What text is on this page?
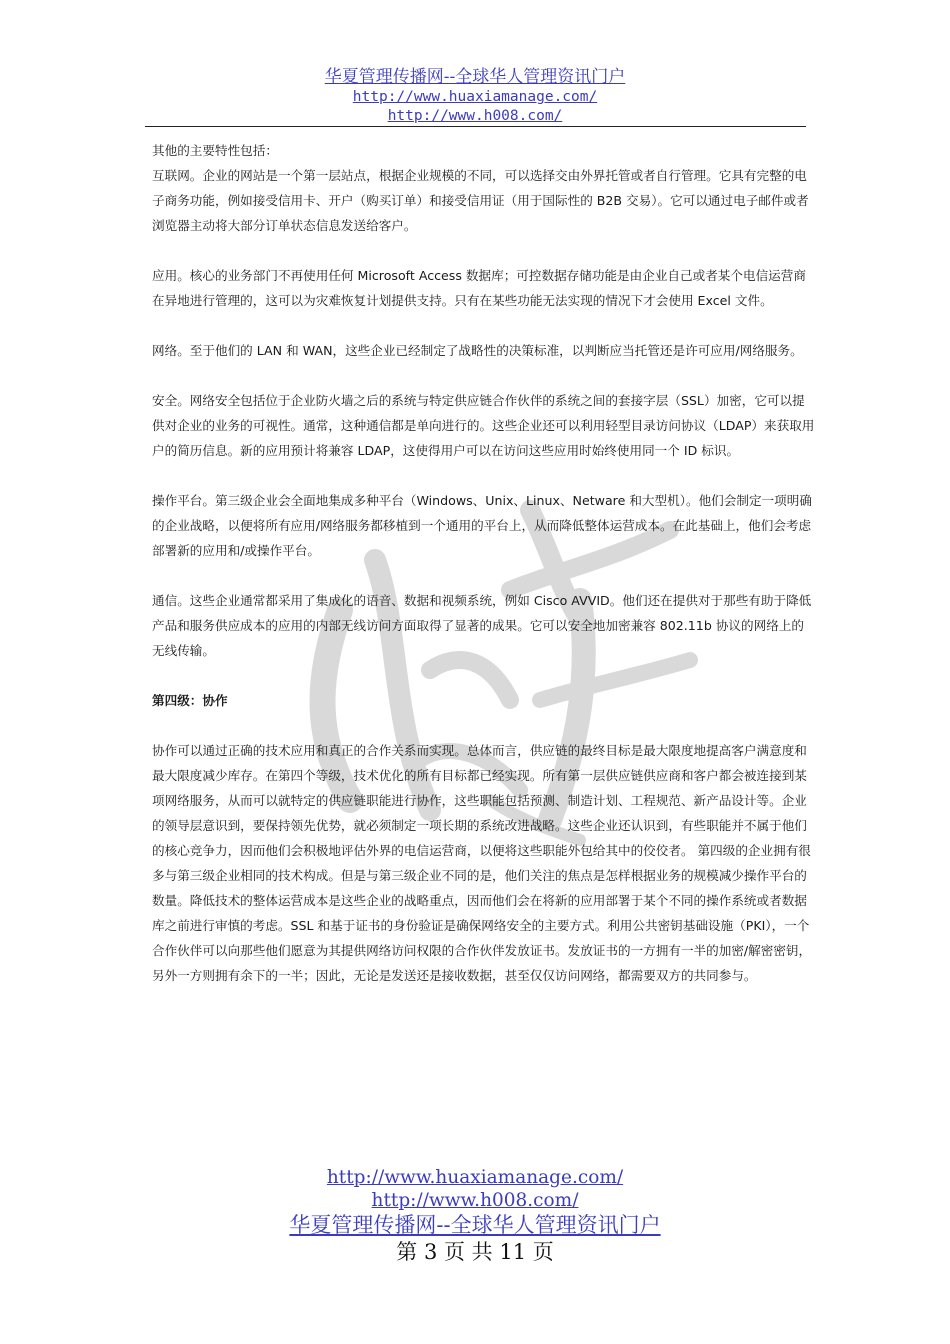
华夏管理传播网--全球华人管理资讯门户
http://www.huaxiamanage.com/
http://www.h008.com/

其他的主要特性包括：

互联网。企业的网站是一个第一层站点，根据企业规模的不同，可以选择交由外界托管或者自行管理。它具有完整的电子商务功能，例如接受信用卡、开户（购买订单）和接受信用证（用于国际性的 B2B 交易）。它可以通过电子邮件或者浏览器主动将大部分订单状态信息发送给客户。

应用。核心的业务部门不再使用任何 Microsoft Access 数据库；可控数据存储功能是由企业自己或者某个电信运营商在异地进行管理的，这可以为灾难恢复计划提供支持。只有在某些功能无法实现的情况下才会使用 Excel 文件。

网络。至于他们的 LAN 和 WAN，这些企业已经制定了战略性的决策标准，以判断应当托管还是许可应用/网络服务。

安全。网络安全包括位于企业防火墙之后的系统与特定供应链合作伙伴的系统之间的套接字层（SSL）加密，它可以提供对企业的业务的可视性。通常，这种通信都是单向进行的。这些企业还可以利用轻型目录访问协议（LDAP）来获取用户的简历信息。新的应用预计将兼容 LDAP，这使得用户可以在访问这些应用时始终使用同一个 ID 标识。

操作平台。第三级企业会全面地集成多种平台（Windows、Unix、Linux、Netware 和大型机）。他们会制定一项明确的企业战略，以便将所有应用/网络服务都移植到一个通用的平台上，从而降低整体运营成本。在此基础上，他们会考虑部署新的应用和/或操作平台。

通信。这些企业通常都采用了集成化的语音、数据和视频系统，例如 Cisco AVVID。他们还在提供对于那些有助于降低产品和服务供应成本的应用的内部无线访问方面取得了显著的成果。它可以安全地加密兼容 802.11b 协议的网络上的无线传输。

第四级：协作

协作可以通过正确的技术应用和真正的合作关系而实现。总体而言，供应链的最终目标是最大限度地提高客户满意度和最大限度减少库存。在第四个等级，技术优化的所有目标都已经实现。所有第一层供应链供应商和客户都会被连接到某项网络服务，从而可以就特定的供应链职能进行协作，这些职能包括预测、制造计划、工程规范、新产品设计等。企业的领导层意识到，要保持领先优势，就必须制定一项长期的系统改进战略。这些企业还认识到，有些职能并不属于他们的核心竞争力，因而他们会积极地评估外界的电信运营商，以便将这些职能外包给其中的佼佼者。 第四级的企业拥有很多与第三级企业相同的技术构成。但是与第三级企业不同的是，他们关注的焦点是怎样根据业务的规模减少操作平台的数量。降低技术的整体运营成本是这些企业的战略重点，因而他们会在将新的应用部署于某个不同的操作系统或者数据库之前进行审慎的考虑。SSL 和基于证书的身份验证是确保网络安全的主要方式。利用公共密钥基础设施（PKI），一个合作伙伴可以向那些他们愿意为其提供网络访问权限的合作伙伴发放证书。发放证书的一方拥有一半的加密/解密密钥，另外一方则拥有余下的一半；因此，无论是发送还是接收数据，甚至仅仅访问网络，都需要双方的共同参与。

http://www.huaxiamanage.com/
http://www.h008.com/
华夏管理传播网--全球华人管理资讯门户
第 3 页 共 11 页
